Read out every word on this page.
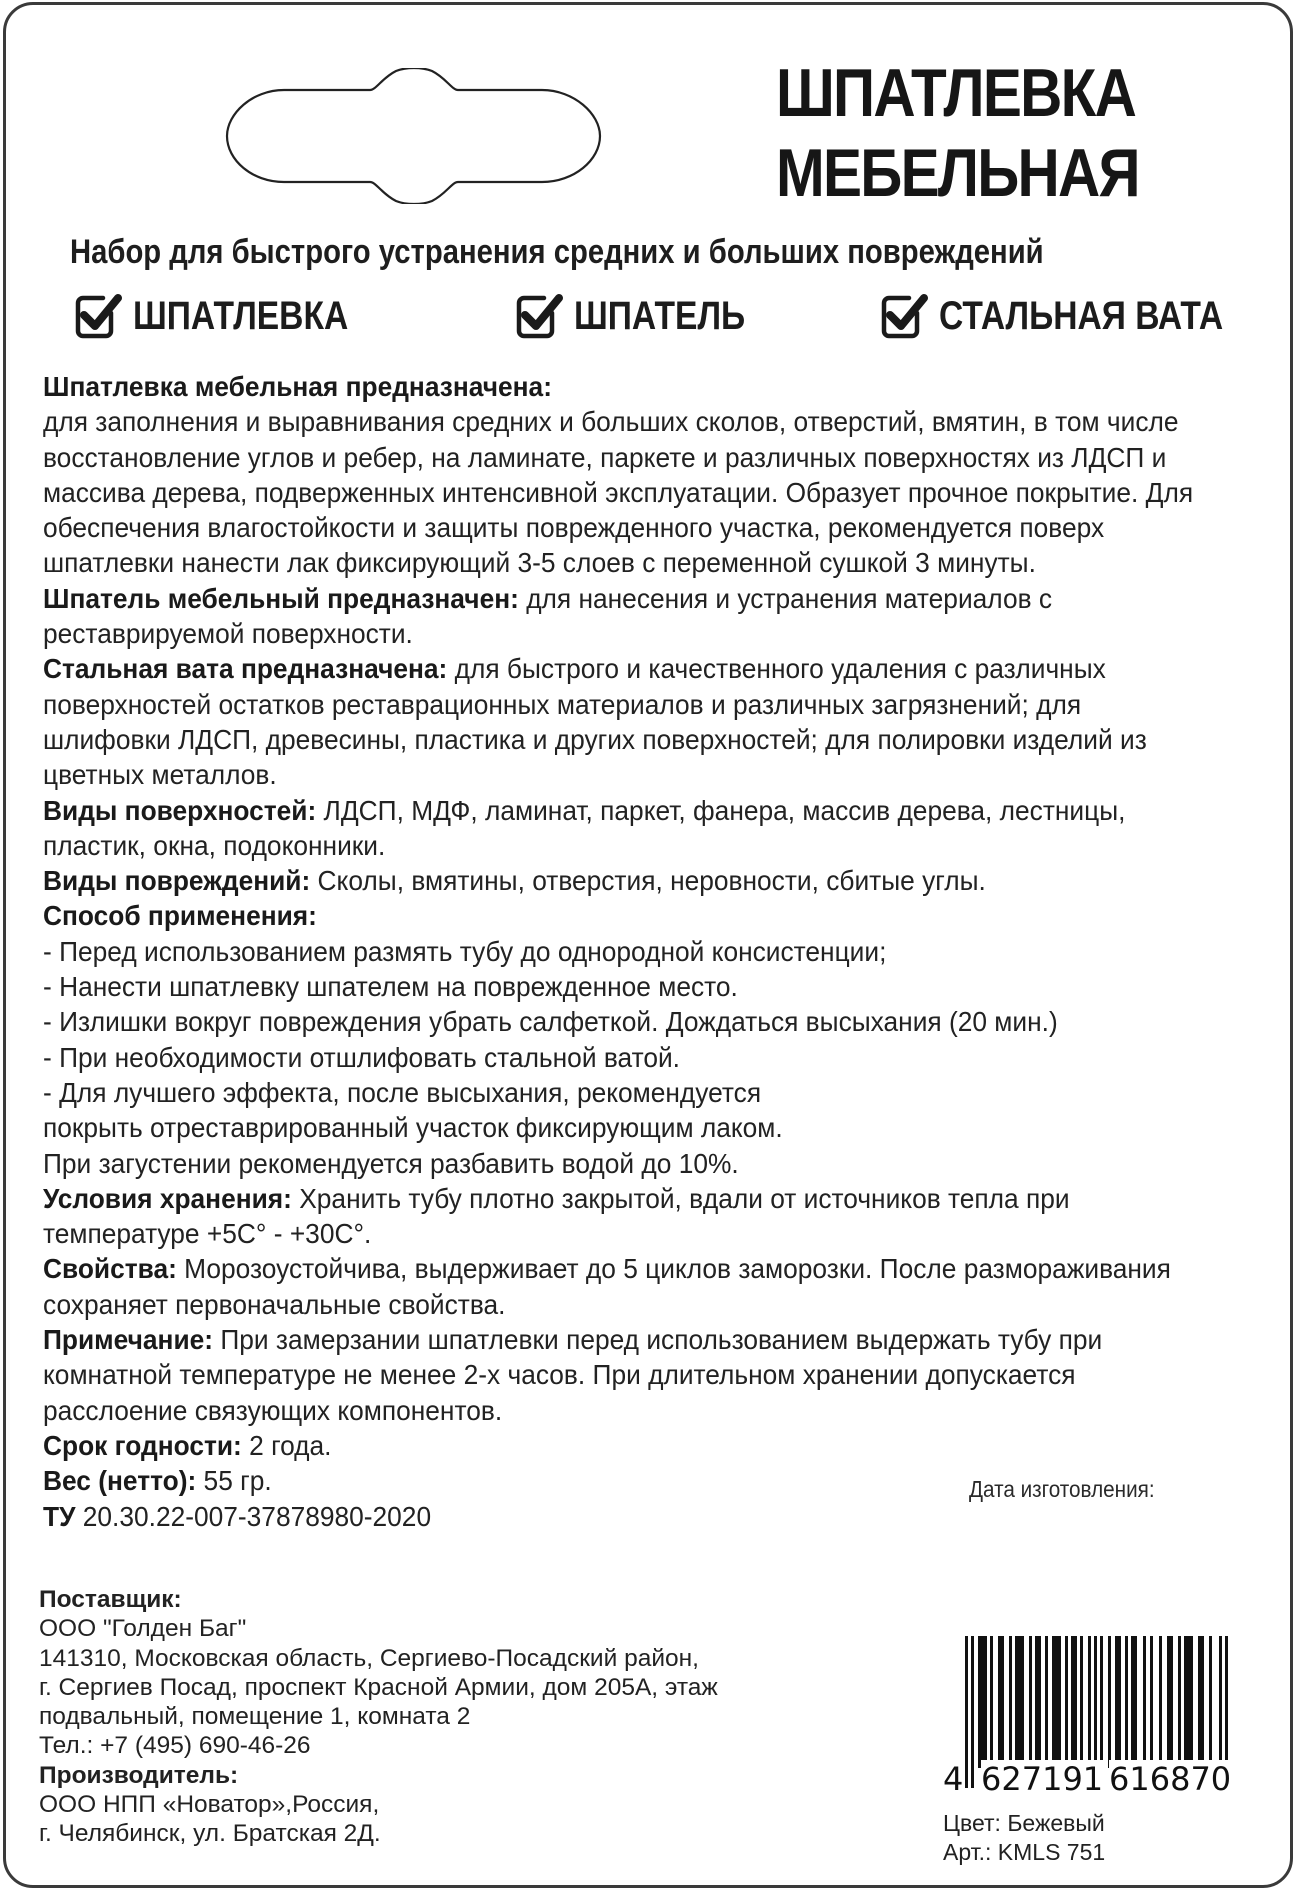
ШПАТЛЕВКА
МЕБЕЛЬНАЯ
Набор для быстрого устранения средних и больших повреждений
ШПАТЛЕВКА	ШПАТЕЛЬ	СТАЛЬНАЯ ВАТА

Шпатлевка мебельная предназначена:
для заполнения и выравнивания средних и больших сколов, отверстий, вмятин, в том числе восстановление углов и ребер, на ламинате, паркете и различных поверхностях из ЛДСП и массива дерева, подверженных интенсивной эксплуатации. Образует прочное покрытие. Для обеспечения влагостойкости и защиты поврежденного участка, рекомендуется поверх шпатлевки нанести лак фиксирующий 3-5 слоев с переменной сушкой 3 минуты.

Шпатель мебельный предназначен: для нанесения и устранения материалов с реставрируемой поверхности.

Стальная вата предназначена: для быстрого и качественного удаления с различных поверхностей остатков реставрационных материалов и различных загрязнений; для шлифовки ЛДСП, древесины, пластика и других поверхностей; для полировки изделий из цветных металлов.

Виды поверхностей: ЛДСП, МДФ, ламинат, паркет, фанера, массив дерева, лестницы, пластик, окна, подоконники.

Виды повреждений: Сколы, вмятины, отверстия, неровности, сбитые углы.

Способ применения:

- Перед использованием размять тубу до однородной консистенции;

- Нанести шпатлевку шпателем на поврежденное место.

- Излишки вокруг повреждения убрать салфеткой. Дождаться высыхания (20 мин.)

- При необходимости отшлифовать стальной ватой.

- Для лучшего эффекта, после высыхания, рекомендуется покрыть отреставрированный участок фиксирующим лаком.

При загустении рекомендуется разбавить водой до 10%.

Условия хранения: Хранить тубу плотно закрытой, вдали от источников тепла при температуре +5С° - +30С°.

Свойства: Морозоустойчива, выдерживает до 5 циклов заморозки. После размораживания сохраняет первоначальные свойства.

Примечание: При замерзании шпатлевки перед использованием выдержать тубу при комнатной температуре не менее 2-х часов. При длительном хранении допускается расслоение связующих компонентов.

Срок годности: 2 года.

Вес (нетто): 55 гр.

ТУ 20.30.22-007-37878980-2020

Дата изготовления:

Поставщик:

ООО "Голден Баг"

141310, Московская область, Сергиево-Посадский район,

г. Сергиев Посад, проспект Красной Армии, дом 205А, этаж

подвальный, помещение 1, комната 2

Тел.: +7 (495) 690-46-26

Производитель:

ООО НПП «Новатор»,Россия,

г. Челябинск, ул. Братская 2Д.

4 627191 616870

Цвет: Бежевый

Арт.: KMLS 751
